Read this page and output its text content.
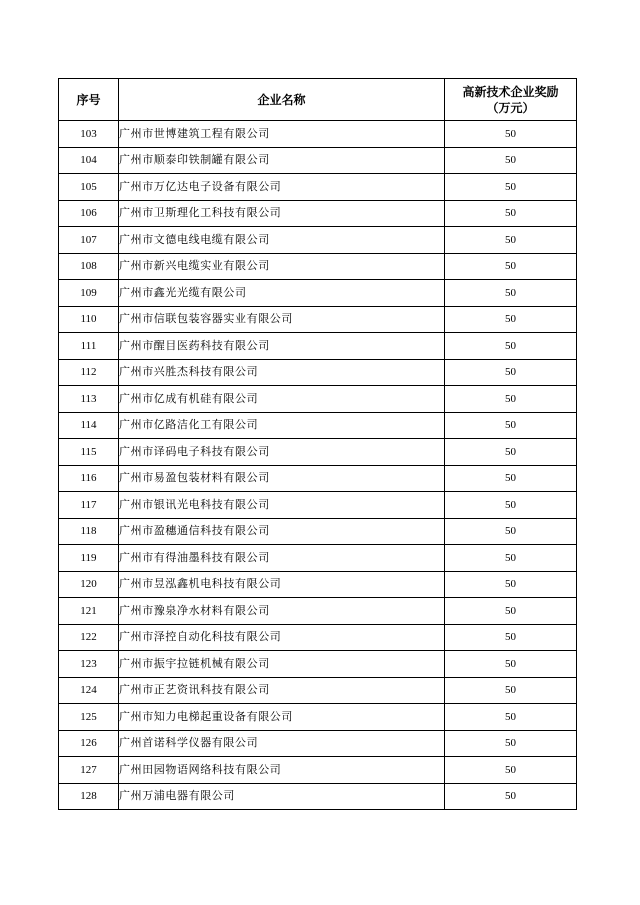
序号	企业名称	高新技术企业奖励
（万元）

103	广州市世博建筑工程有限公司	50
104	广州市顺泰印铁制罐有限公司	50
105	广州市万亿达电子设备有限公司	50
106	广州市卫斯理化工科技有限公司	50
107	广州市文德电线电缆有限公司	50
108	广州市新兴电缆实业有限公司	50
109	广州市鑫光光缆有限公司	50
110	广州市信联包装容器实业有限公司	50
111	广州市醒目医药科技有限公司	50
112	广州市兴胜杰科技有限公司	50
113	广州市亿成有机硅有限公司	50
114	广州市亿路洁化工有限公司	50
115	广州市译码电子科技有限公司	50
116	广州市易盈包装材料有限公司	50
117	广州市银讯光电科技有限公司	50
118	广州市盈穗通信科技有限公司	50
119	广州市有得油墨科技有限公司	50
120	广州市昱泓鑫机电科技有限公司	50
121	广州市豫泉净水材料有限公司	50
122	广州市泽控自动化科技有限公司	50
123	广州市振宇拉链机械有限公司	50
124	广州市正艺资讯科技有限公司	50
125	广州市知力电梯起重设备有限公司	50
126	广州首诺科学仪器有限公司	50
127	广州田园物语网络科技有限公司	50
128	广州万浦电器有限公司	50
